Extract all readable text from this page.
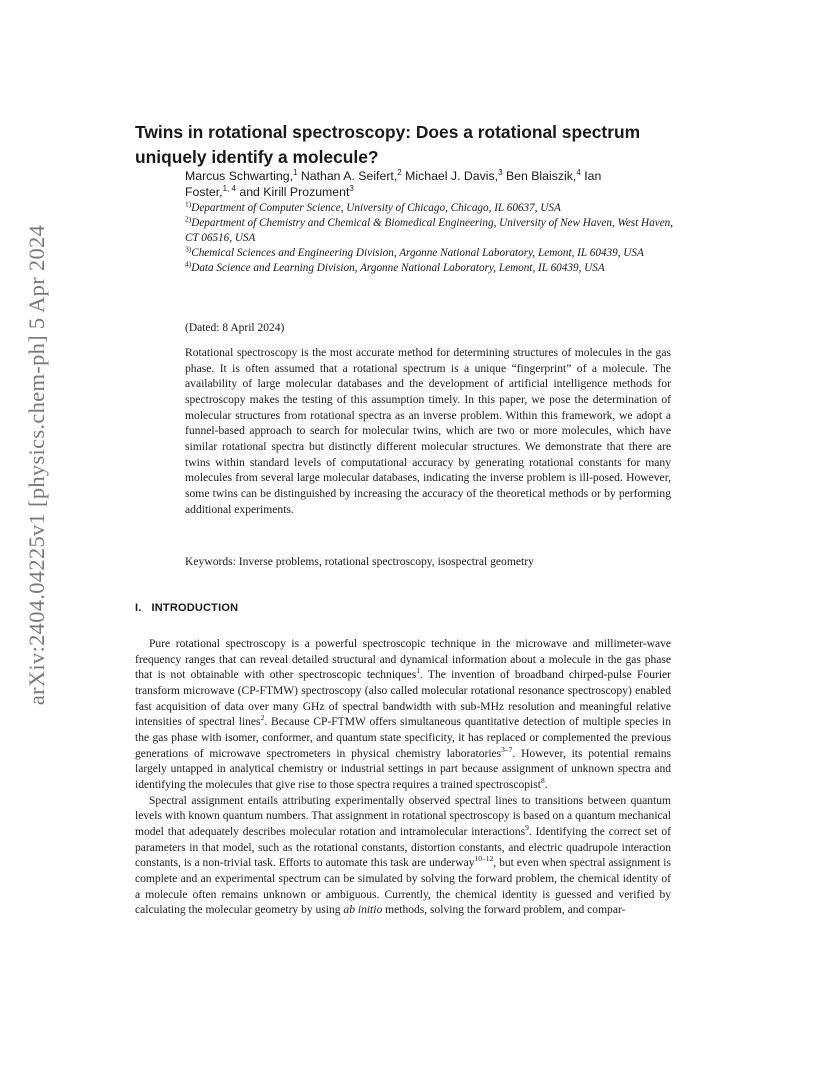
arXiv:2404.04225v1 [physics.chem-ph] 5 Apr 2024
Twins in rotational spectroscopy: Does a rotational spectrum uniquely identify a molecule?
Marcus Schwarting,$^1$ Nathan A. Seifert,$^2$ Michael J. Davis,$^3$ Ben Blaiszik,$^4$ Ian Foster,$^{1, 4}$ and Kirill Prozument$^3$
$^{1)}$Department of Computer Science, University of Chicago, Chicago, IL 60637, USA
$^{2)}$Department of Chemistry and Chemical & Biomedical Engineering, University of New Haven, West Haven, CT 06516, USA
$^{3)}$Chemical Sciences and Engineering Division, Argonne National Laboratory, Lemont, IL 60439, USA
$^{4)}$Data Science and Learning Division, Argonne National Laboratory, Lemont, IL 60439, USA
(Dated: 8 April 2024)

Rotational spectroscopy is the most accurate method for determining structures of molecules in the gas phase. It is often assumed that a rotational spectrum is a unique “fingerprint” of a molecule. The availability of large molecular databases and the development of artificial intelligence methods for spectroscopy makes the testing of this assumption timely. In this paper, we pose the determination of molecular structures from rotational spectra as an inverse problem. Within this framework, we adopt a funnel-based approach to search for molecular twins, which are two or more molecules, which have similar rotational spectra but distinctly different molecular structures. We demonstrate that there are twins within standard levels of computational accuracy by generating rotational constants for many molecules from several large molecular databases, indicating the inverse problem is ill-posed. However, some twins can be distinguished by increasing the accuracy of the theoretical methods or by performing additional experiments.

Keywords: Inverse problems, rotational spectroscopy, isospectral geometry
I. INTRODUCTION

Pure rotational spectroscopy is a powerful spectroscopic technique in the microwave and millimeter-wave frequency ranges that can reveal detailed structural and dynamical information about a molecule in the gas phase that is not obtainable with other spectroscopic techniques$^1$. The invention of broadband chirped-pulse Fourier transform microwave (CP-FTMW) spectroscopy (also called molecular rotational resonance spectroscopy) enabled fast acquisition of data over many GHz of spectral bandwidth with sub-MHz resolution and meaningful relative intensities of spectral lines$^2$. Because CP-FTMW offers simultaneous quantitative detection of multiple species in the gas phase with isomer, conformer, and quantum state specificity, it has replaced or complemented the previous generations of microwave spectrometers in physical chemistry laboratories$^{3-7}$. However, its potential remains largely untapped in analytical chemistry or industrial settings in part because assignment of unknown spectra and identifying the molecules that give rise to those spectra requires a trained spectroscopist$^8$.

Spectral assignment entails attributing experimentally observed spectral lines to transitions between quantum levels with known quantum numbers. That assignment in rotational spectroscopy is based on a quantum mechanical model that adequately describes molecular rotation and intramolecular interactions$^9$. Identifying the correct set of parameters in that model, such as the rotational constants, distortion constants, and electric quadrupole interaction constants, is a non-trivial task. Efforts to automate this task are underway$^{10-12}$, but even when spectral assignment is complete and an experimental spectrum can be simulated by solving the forward problem, the chemical identity of a molecule often remains unknown or ambiguous. Currently, the chemical identity is guessed and verified by calculating the molecular geometry by using ab initio methods, solving the forward problem, and compar-
